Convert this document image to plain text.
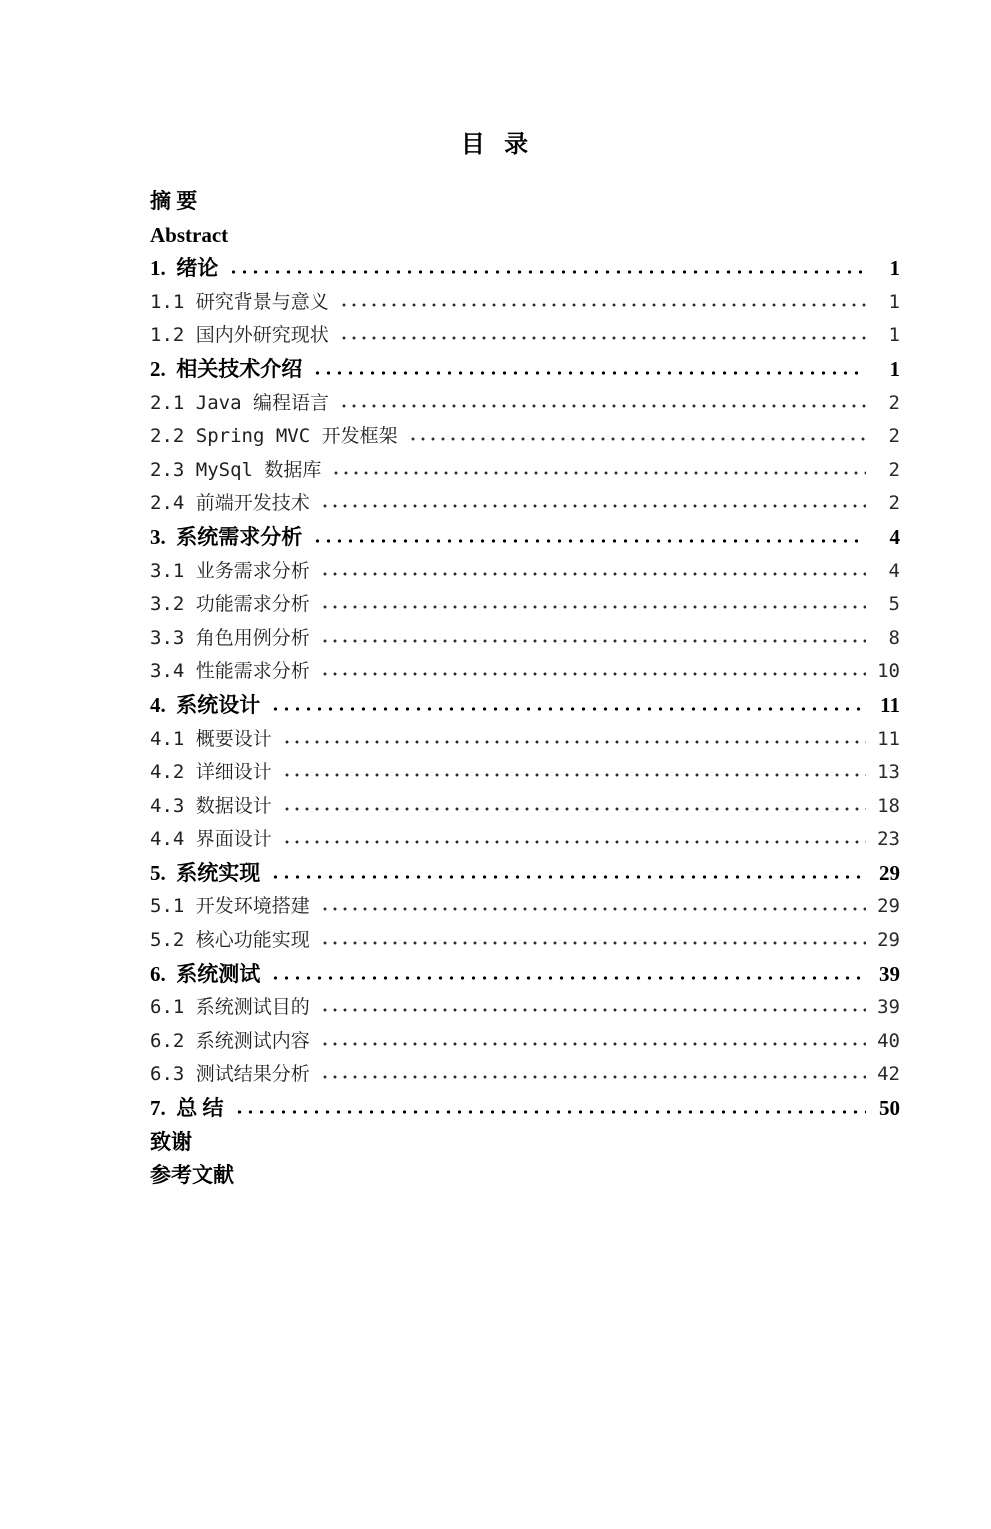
目  录
摘 要
Abstract
1.  绪论	1
1.1 研究背景与意义	1
1.2 国内外研究现状	1
2.  相关技术介绍	1
2.1 Java 编程语言	2
2.2 Spring MVC 开发框架	2
2.3 MySql 数据库	2
2.4 前端开发技术	2
3.  系统需求分析	4
3.1 业务需求分析	4
3.2 功能需求分析	5
3.3 角色用例分析	8
3.4 性能需求分析	10
4.  系统设计	11
4.1 概要设计	11
4.2 详细设计	13
4.3 数据设计	18
4.4 界面设计	23
5.  系统实现	29
5.1 开发环境搭建	29
5.2 核心功能实现	29
6.  系统测试	39
6.1 系统测试目的	39
6.2 系统测试内容	40
6.3 测试结果分析	42
7.  总 结	50
致谢
参考文献
